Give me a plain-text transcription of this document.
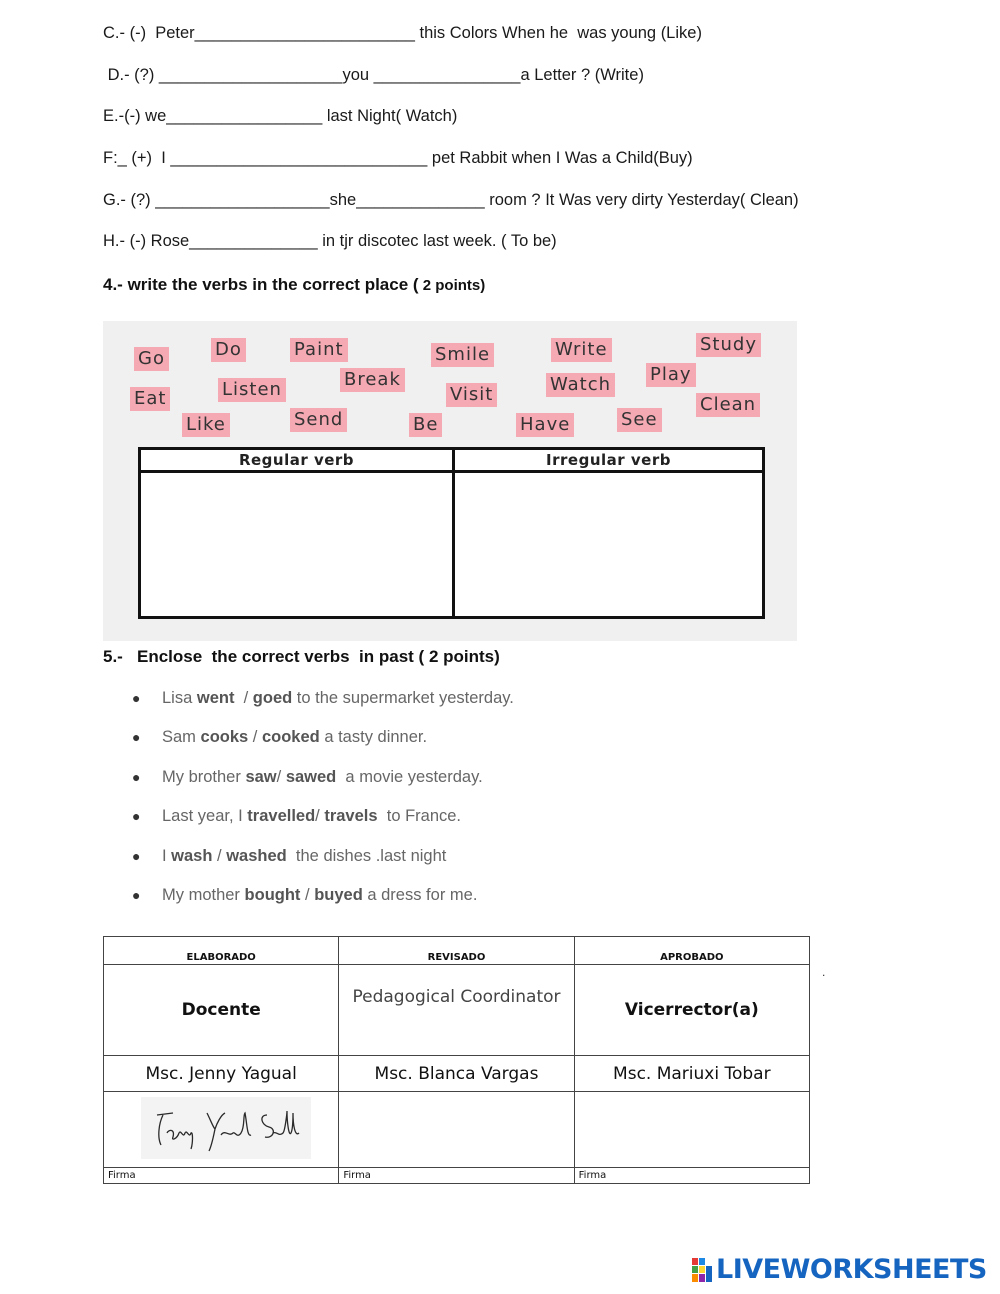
C.- (-)  Peter________________________ this Colors When he  was young (Like)
D.- (?) ____________________you ________________a Letter ? (Write)
E.-(-) we_________________ last Night( Watch)
F:_ (+)  I ____________________________ pet Rabbit when I Was a Child(Buy)
G.- (?) ___________________she______________ room ? It Was very dirty Yesterday( Clean)
H.- (-) Rose______________ in tjr discotec last week. ( To be)
4.- write the verbs in the correct place ( 2 points)
Go	Do	Paint	Smile	Write	Study
Eat	Listen	Break
Visit	Watch Play
Clean
Like	Send	Be	Have	See
Regular verb	Irregular verb
5.-   Enclose  the correct verbs  in past ( 2 points)
● Lisa went  / goed to the supermarket yesterday.
● Sam cooks / cooked a tasty dinner.
● My brother saw/ sawed  a movie yesterday.
● Last year, I travelled/ travels  to France.
● I wash / washed  the dishes .last night
● My mother bought / buyed a dress for me.
ELABORADO	REVISADO	APROBADO
Docente	Pedagogical Coordinator	Vicerrector(a)
Msc. Jenny Yagual	Msc. Blanca Vargas	Msc. Mariuxi Tobar

Firma	Firma	Firma
.
LIVEWORKSHEETS
